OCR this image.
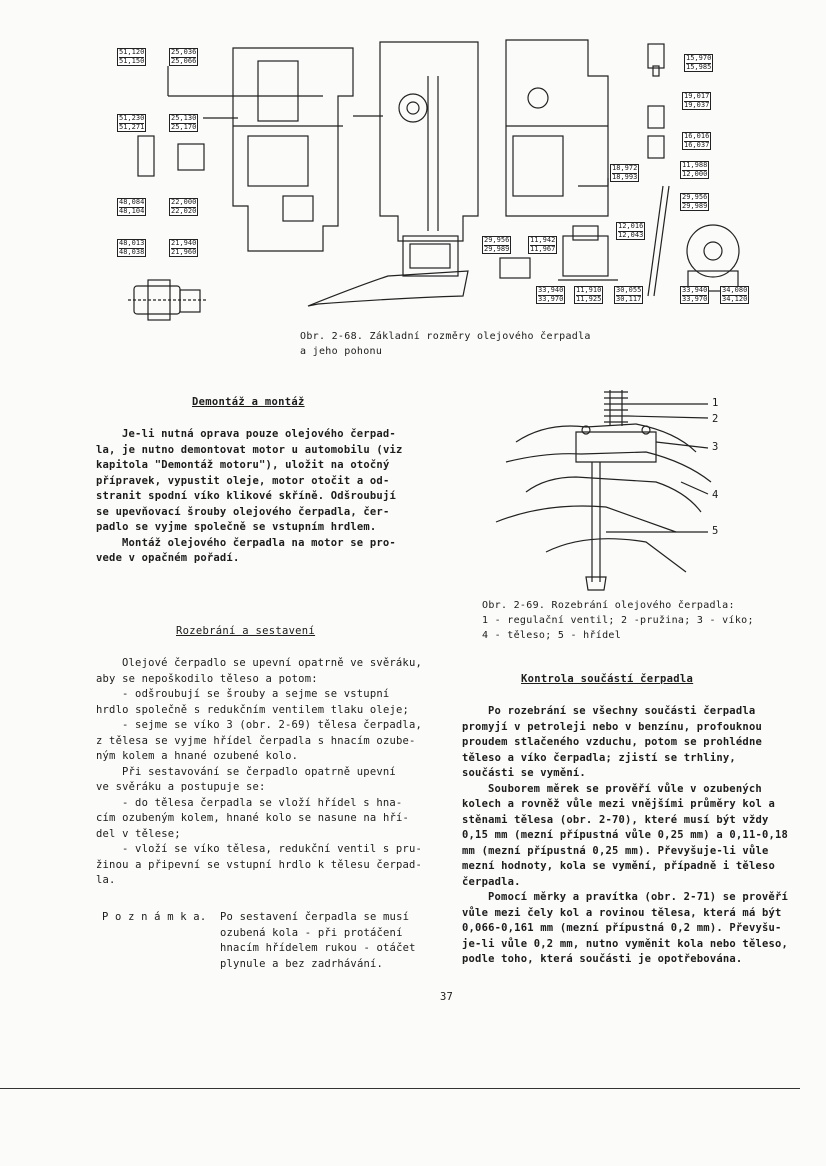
51,120
51,150
25,036
25,066
51,230
51,271
25,130
25,170
48,084
48,104
22,000
22,020
48,013
48,038
21,940
21,960
15,970
15,985
19,017
19,037
16,016
16,037
18,972
18,993
11,988
12,000
29,956
29,989
12,016
12,043
29,956
29,989
11,942
11,967
33,940
33,970
11,910
11,925
30,055
30,117
33,940
33,970
34,080
34,120
Obr. 2-68. Základní rozměry olejového čerpadla
a jeho pohonu
Demontáž a montáž

Je-li nutná oprava pouze olejového čerpad-

la, je nutno demontovat motor u automobilu (viz

kapitola "Demontáž motoru"), uložit na otočný

přípravek, vypustit oleje, motor otočit a od-

stranit spodní víko klikové skříně. Odšroubují

se upevňovací šrouby olejového čerpadla, čer-

padlo se vyjme společně se vstupním hrdlem.

Montáž olejového čerpadla na motor se pro-

vede v opačném pořadí.

Rozebrání a sestavení

Olejové čerpadlo se upevní opatrně ve svěráku,

aby se nepoškodilo těleso a potom:

- odšroubují se šrouby a sejme se vstupní

hrdlo společně s redukčním ventilem tlaku oleje;

- sejme se víko 3 (obr. 2-69) tělesa čerpadla,

z tělesa se vyjme hřídel čerpadla s hnacím ozube-

ným kolem a hnané ozubené kolo.

Při sestavování se čerpadlo opatrně upevní

ve svěráku a postupuje se:

- do tělesa čerpadla se vloží hřídel s hna-

cím ozubeným kolem, hnané kolo se nasune na hří-

del v tělese;

- vloží se víko tělesa, redukční ventil s pru-

žinou a připevní se vstupní hrdlo k tělesu čerpad-

la.

P o z n á m k a. Po sestavení čerpadla se musí

ozubená kola - při protáčení

hnacím hřídelem rukou - otáčet

plynule a bez zadrhávání.

1
2
3
4
5
Obr. 2-69. Rozebrání olejového čerpadla:
1 - regulační ventil; 2 -pružina; 3 - víko;
4 - těleso; 5 - hřídel
Kontrola součástí čerpadla

Po rozebrání se všechny součásti čerpadla

promyjí v petroleji nebo v benzínu, profouknou

proudem stlačeného vzduchu, potom se prohlédne

těleso a víko čerpadla; zjistí se trhliny,

součásti se vymění.

Souborem měrek se prověří vůle v ozubených

kolech a rovněž vůle mezi vnějšími průměry kol a

stěnami tělesa (obr. 2-70), které musí být vždy

0,15 mm (mezní přípustná vůle 0,25 mm) a 0,11-0,18

mm (mezní přípustná 0,25 mm). Převyšuje-li vůle

mezní hodnoty, kola se vymění, případně i těleso

čerpadla.

Pomocí měrky a pravítka (obr. 2-71) se prověří

vůle mezi čely kol a rovinou tělesa, která má být

0,066-0,161 mm (mezní přípustná 0,2 mm). Převyšu-

je-li vůle 0,2 mm, nutno vyměnit kola nebo těleso,

podle toho, která součásti je opotřebována.

37
